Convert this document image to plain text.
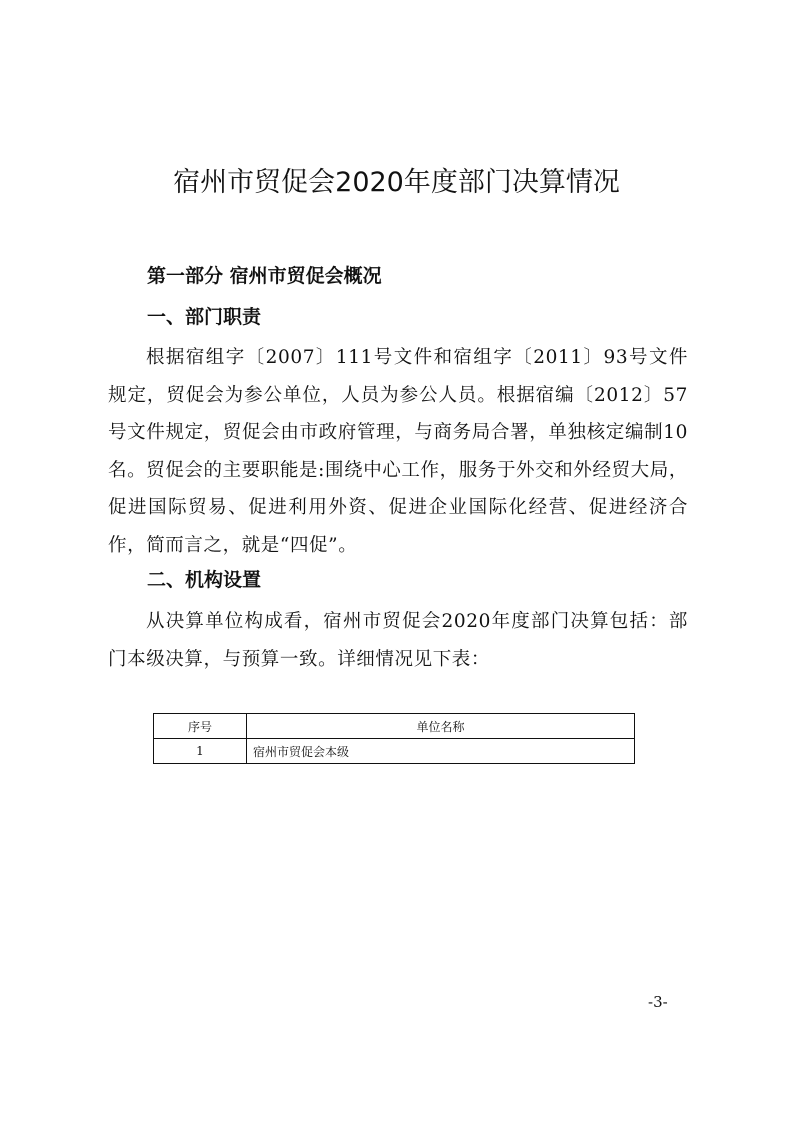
宿州市贸促会2020年度部门决算情况
第一部分 宿州市贸促会概况
一、部门职责
根据宿组字〔2007〕111号文件和宿组字〔2011〕93号文件规定，贸促会为参公单位，人员为参公人员。根据宿编〔2012〕57号文件规定，贸促会由市政府管理，与商务局合署，单独核定编制10名。贸促会的主要职能是:围绕中心工作，服务于外交和外经贸大局，促进国际贸易、促进利用外资、促进企业国际化经营、促进经济合作，简而言之，就是“四促”。
二、机构设置
从决算单位构成看，宿州市贸促会2020年度部门决算包括：部门本级决算，与预算一致。详细情况见下表：
序号	单位名称
1	宿州市贸促会本级
-3-
